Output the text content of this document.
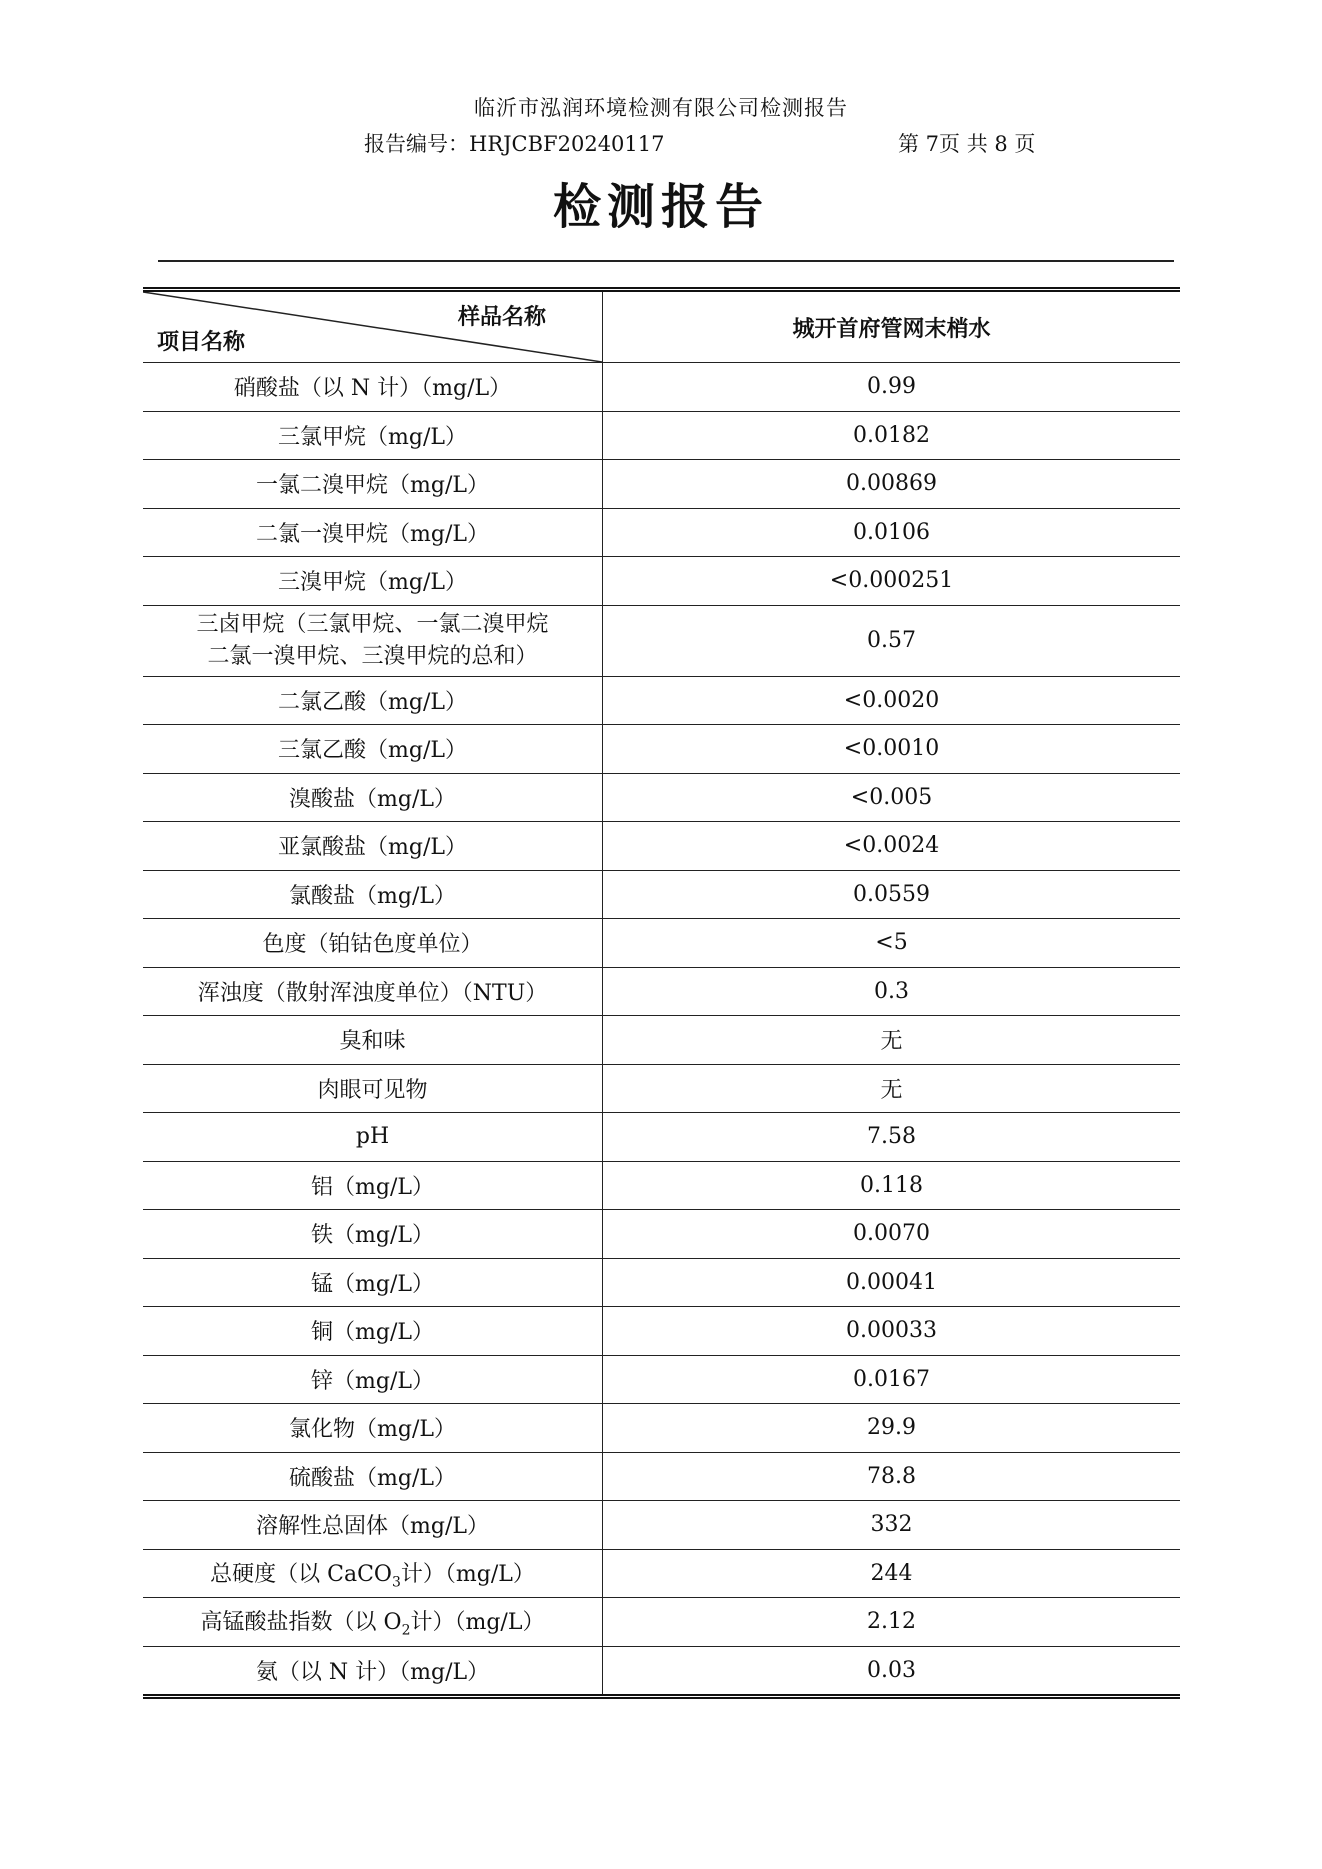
临沂市泓润环境检测有限公司检测报告
报告编号：HRJCBF20240117	第 7页 共 8 页
检测报告
样品名称
项目名称	城开首府管网末梢水
硝酸盐（以 N 计）（mg/L）	0.99
三氯甲烷（mg/L）	0.0182
一氯二溴甲烷（mg/L）	0.00869
二氯一溴甲烷（mg/L）	0.0106
三溴甲烷（mg/L）	<0.000251

三卤甲烷（三氯甲烷、一氯二溴甲烷
二氯一溴甲烷、三溴甲烷的总和）	0.57
二氯乙酸（mg/L）	<0.0020
三氯乙酸（mg/L）	<0.0010
溴酸盐（mg/L）	<0.005
亚氯酸盐（mg/L）	<0.0024
氯酸盐（mg/L）	0.0559
色度（铂钴色度单位）	<5
浑浊度（散射浑浊度单位）（NTU）	0.3
臭和味	无
肉眼可见物	无
pH	7.58
铝（mg/L）	0.118
铁（mg/L）	0.0070
锰（mg/L）	0.00041
铜（mg/L）	0.00033
锌（mg/L）	0.0167
氯化物（mg/L）	29.9
硫酸盐（mg/L）	78.8
溶解性总固体（mg/L）	332
总硬度（以 CaCO$_3$计）（mg/L）	244
高锰酸盐指数（以 $O_2$计）（mg/L）	2.12
氨（以 N 计）（mg/L）	0.03
